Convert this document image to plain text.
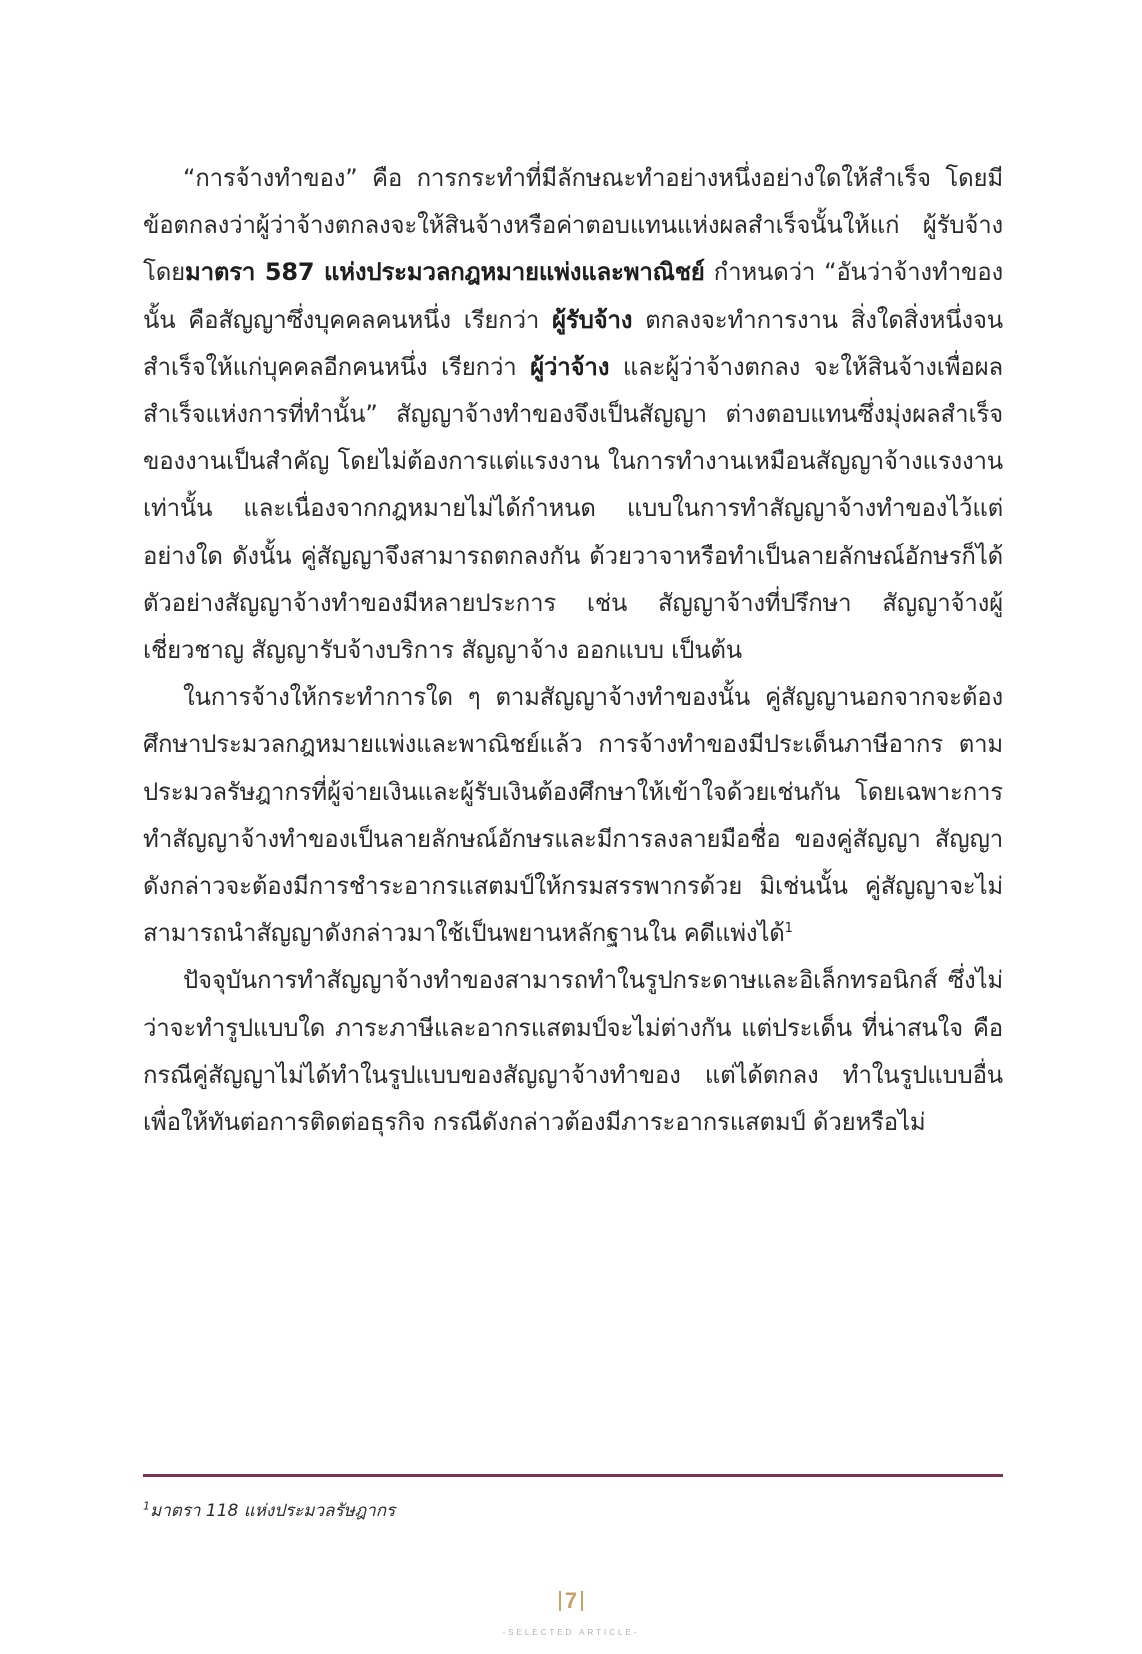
“การจ้างทำของ” คือ การกระทำที่มีลักษณะทำอย่างหนึ่งอย่างใดให้สำเร็จ โดยมีข้อตกลงว่าผู้ว่าจ้างตกลงจะให้สินจ้างหรือค่าตอบแทนแห่งผลสำเร็จนั้นให้แก่ ผู้รับจ้าง โดยมาตรา 587 แห่งประมวลกฎหมายแพ่งและพาณิชย์ กำหนดว่า “อันว่าจ้างทำของนั้น คือสัญญาซึ่งบุคคลคนหนึ่ง เรียกว่า ผู้รับจ้าง ตกลงจะทำการงาน สิ่งใดสิ่งหนึ่งจนสำเร็จให้แก่บุคคลอีกคนหนึ่ง เรียกว่า ผู้ว่าจ้าง และผู้ว่าจ้างตกลง จะให้สินจ้างเพื่อผลสำเร็จแห่งการที่ทำนั้น” สัญญาจ้างทำของจึงเป็นสัญญา ต่างตอบแทนซึ่งมุ่งผลสำเร็จของงานเป็นสำคัญ โดยไม่ต้องการแต่แรงงาน ในการทำงานเหมือนสัญญาจ้างแรงงานเท่านั้น และเนื่องจากกฎหมายไม่ได้กำหนด แบบในการทำสัญญาจ้างทำของไว้แต่อย่างใด ดังนั้น คู่สัญญาจึงสามารถตกลงกัน ด้วยวาจาหรือทำเป็นลายลักษณ์อักษรก็ได้ ตัวอย่างสัญญาจ้างทำของมีหลายประการ เช่น สัญญาจ้างที่ปรึกษา สัญญาจ้างผู้เชี่ยวชาญ สัญญารับจ้างบริการ สัญญาจ้าง ออกแบบ เป็นต้น

ในการจ้างให้กระทำการใด ๆ ตามสัญญาจ้างทำของนั้น คู่สัญญานอกจากจะต้อง ศึกษาประมวลกฎหมายแพ่งและพาณิชย์แล้ว การจ้างทำของมีประเด็นภาษีอากร ตามประมวลรัษฎากรที่ผู้จ่ายเงินและผู้รับเงินต้องศึกษาให้เข้าใจด้วยเช่นกัน โดยเฉพาะการทำสัญญาจ้างทำของเป็นลายลักษณ์อักษรและมีการลงลายมือชื่อ ของคู่สัญญา สัญญาดังกล่าวจะต้องมีการชำระอากรแสตมป์ให้กรมสรรพากรด้วย มิเช่นนั้น คู่สัญญาจะไม่สามารถนำสัญญาดังกล่าวมาใช้เป็นพยานหลักฐานใน คดีแพ่งได้$^1$

ปัจจุบันการทำสัญญาจ้างทำของสามารถทำในรูปกระดาษและอิเล็กทรอนิกส์ ซึ่งไม่ว่าจะทำรูปแบบใด ภาระภาษีและอากรแสตมป์จะไม่ต่างกัน แต่ประเด็น ที่น่าสนใจ คือ กรณีคู่สัญญาไม่ได้ทำในรูปแบบของสัญญาจ้างทำของ แต่ได้ตกลง ทำในรูปแบบอื่นเพื่อให้ทันต่อการติดต่อธุรกิจ กรณีดังกล่าวต้องมีภาระอากรแสตมป์ ด้วยหรือไม่

$^1$มาตรา 118 แห่งประมวลรัษฎากร
7
-SELECTED ARTICLE-
